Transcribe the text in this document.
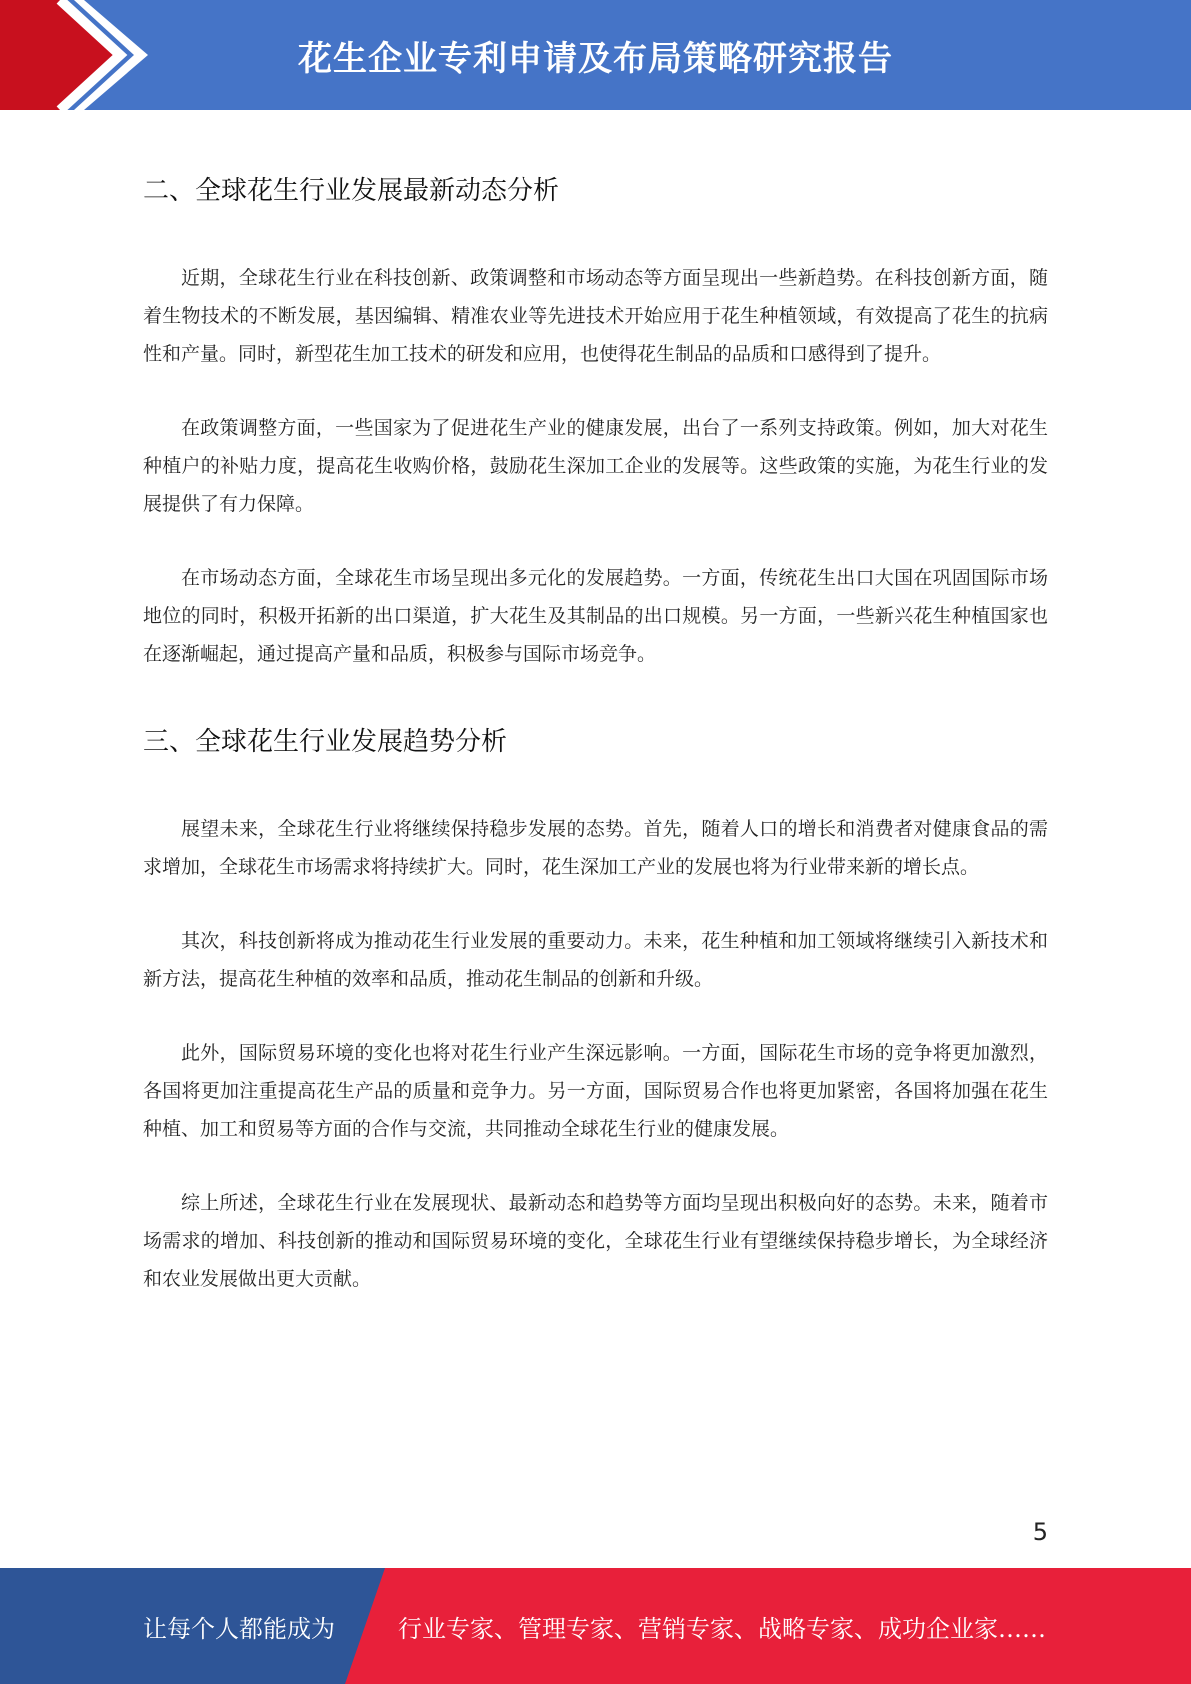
花生企业专利申请及布局策略研究报告
二、全球花生行业发展最新动态分析

近期，全球花生行业在科技创新、政策调整和市场动态等方面呈现出一些新趋势。在科技创新方面，随着生物技术的不断发展，基因编辑、精准农业等先进技术开始应用于花生种植领域，有效提高了花生的抗病性和产量。同时，新型花生加工技术的研发和应用，也使得花生制品的品质和口感得到了提升。

在政策调整方面，一些国家为了促进花生产业的健康发展，出台了一系列支持政策。例如，加大对花生种植户的补贴力度，提高花生收购价格，鼓励花生深加工企业的发展等。这些政策的实施，为花生行业的发展提供了有力保障。

在市场动态方面，全球花生市场呈现出多元化的发展趋势。一方面，传统花生出口大国在巩固国际市场地位的同时，积极开拓新的出口渠道，扩大花生及其制品的出口规模。另一方面，一些新兴花生种植国家也在逐渐崛起，通过提高产量和品质，积极参与国际市场竞争。

三、全球花生行业发展趋势分析

展望未来，全球花生行业将继续保持稳步发展的态势。首先，随着人口的增长和消费者对健康食品的需求增加，全球花生市场需求将持续扩大。同时，花生深加工产业的发展也将为行业带来新的增长点。

其次，科技创新将成为推动花生行业发展的重要动力。未来，花生种植和加工领域将继续引入新技术和新方法，提高花生种植的效率和品质，推动花生制品的创新和升级。

此外，国际贸易环境的变化也将对花生行业产生深远影响。一方面，国际花生市场的竞争将更加激烈，各国将更加注重提高花生产品的质量和竞争力。另一方面，国际贸易合作也将更加紧密，各国将加强在花生种植、加工和贸易等方面的合作与交流，共同推动全球花生行业的健康发展。

综上所述，全球花生行业在发展现状、最新动态和趋势等方面均呈现出积极向好的态势。未来，随着市场需求的增加、科技创新的推动和国际贸易环境的变化，全球花生行业有望继续保持稳步增长，为全球经济和农业发展做出更大贡献。

5
让每个人都能成为	行业专家、管理专家、营销专家、战略专家、成功企业家……
